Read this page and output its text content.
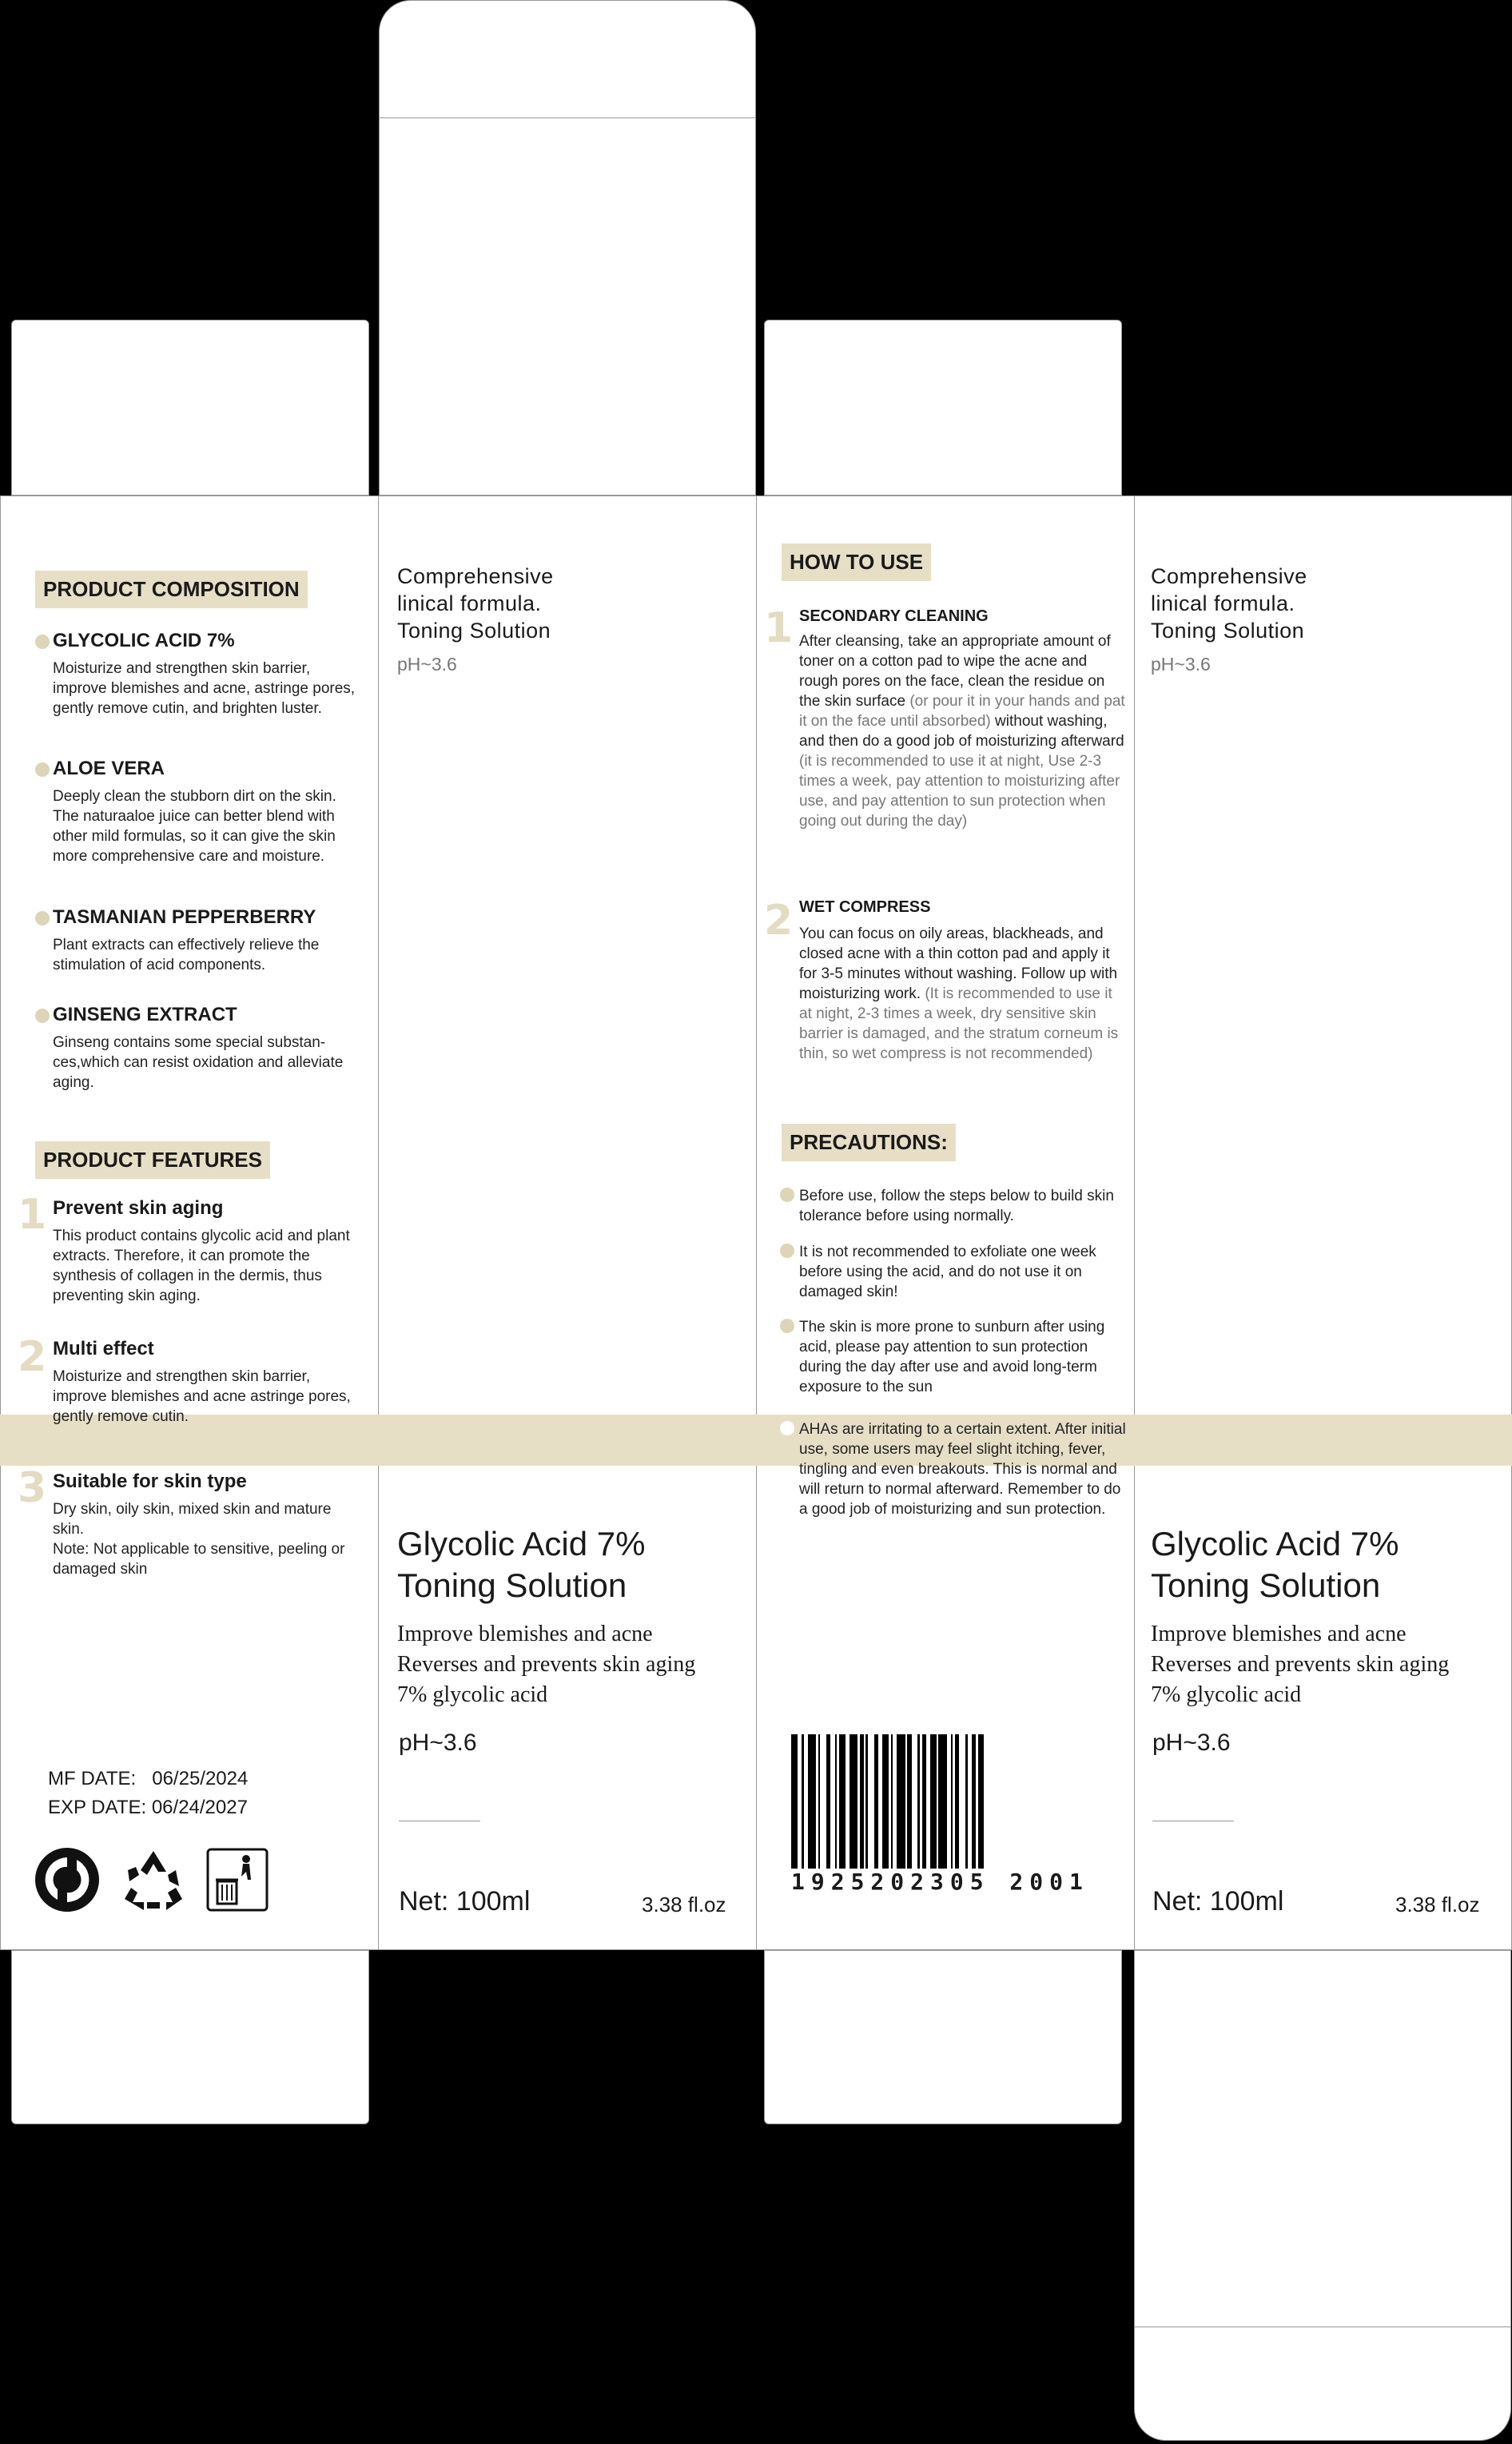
PRODUCT COMPOSITION
GLYCOLIC ACID 7%
Moisturize and strengthen skin barrier, improve blemishes and acne, astringe pores, gently remove cutin, and brighten luster.
ALOE VERA
Deeply clean the stubborn dirt on the skin. The naturaaloe juice can better blend with other mild formulas, so it can give the skin more comprehensive care and moisture.
TASMANIAN PEPPERBERRY
Plant extracts can effectively relieve the stimulation of acid components.
GINSENG EXTRACT
Ginseng contains some special substan-ces,which can resist oxidation and alleviate aging.
PRODUCT FEATURES
1 Prevent skin aging
This product contains glycolic acid and plant extracts. Therefore, it can promote the synthesis of collagen in the dermis, thus preventing skin aging.
2 Multi effect
Moisturize and strengthen skin barrier, improve blemishes and acne astringe pores, gently remove cutin.
3 Suitable for skin type
Dry skin, oily skin, mixed skin and mature skin.
Note: Not applicable to sensitive, peeling or damaged skin
MF DATE: 06/25/2024
EXP DATE: 06/24/2027
Comprehensive
linical formula.
Toning Solution
pH~3.6
Glycolic Acid 7%
Toning Solution
Improve blemishes and acne
Reverses and prevents skin aging
7% glycolic acid
pH~3.6
Net: 100ml	3.38 fl.oz
HOW TO USE
1 SECONDARY CLEANING
After cleansing, take an appropriate amount of toner on a cotton pad to wipe the acne and rough pores on the face, clean the residue on the skin surface (or pour it in your hands and pat it on the face until absorbed) without washing, and then do a good job of moisturizing afterward (it is recommended to use it at night, Use 2-3 times a week, pay attention to moisturizing after use, and pay attention to sun protection when going out during the day)
2 WET COMPRESS
You can focus on oily areas, blackheads, and closed acne with a thin cotton pad and apply it for 3-5 minutes without washing. Follow up with moisturizing work. (It is recommended to use it at night, 2-3 times a week, dry sensitive skin barrier is damaged, and the stratum corneum is thin, so wet compress is not recommended)
PRECAUTIONS:
Before use, follow the steps below to build skin tolerance before using normally.
It is not recommended to exfoliate one week before using the acid, and do not use it on damaged skin!
The skin is more prone to sunburn after using acid, please pay attention to sun protection during the day after use and avoid long-term exposure to the sun
AHAs are irritating to a certain extent. After initial use, some users may feel slight itching, fever, tingling and even breakouts. This is normal and will return to normal afterward. Remember to do a good job of moisturizing and sun protection.
1925202305 2001
Comprehensive
linical formula.
Toning Solution
pH~3.6
Glycolic Acid 7%
Toning Solution
Improve blemishes and acne
Reverses and prevents skin aging
7% glycolic acid
pH~3.6
Net: 100ml	3.38 fl.oz
